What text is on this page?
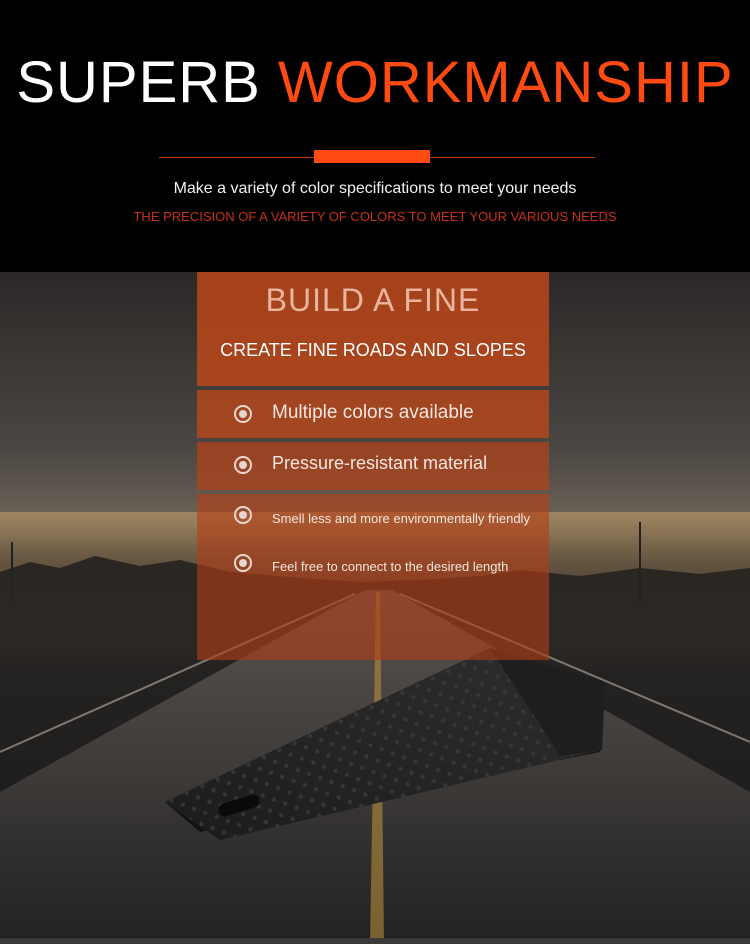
SUPERB WORKMANSHIP
Make a variety of color specifications to meet your needs
THE PRECISION OF A VARIETY OF COLORS TO MEET YOUR VARIOUS NEEDS
BUILD A FINE
CREATE FINE ROADS AND SLOPES
Multiple colors available
Pressure-resistant material
Smell less and more environmentally friendly
Feel free to connect to the desired length
